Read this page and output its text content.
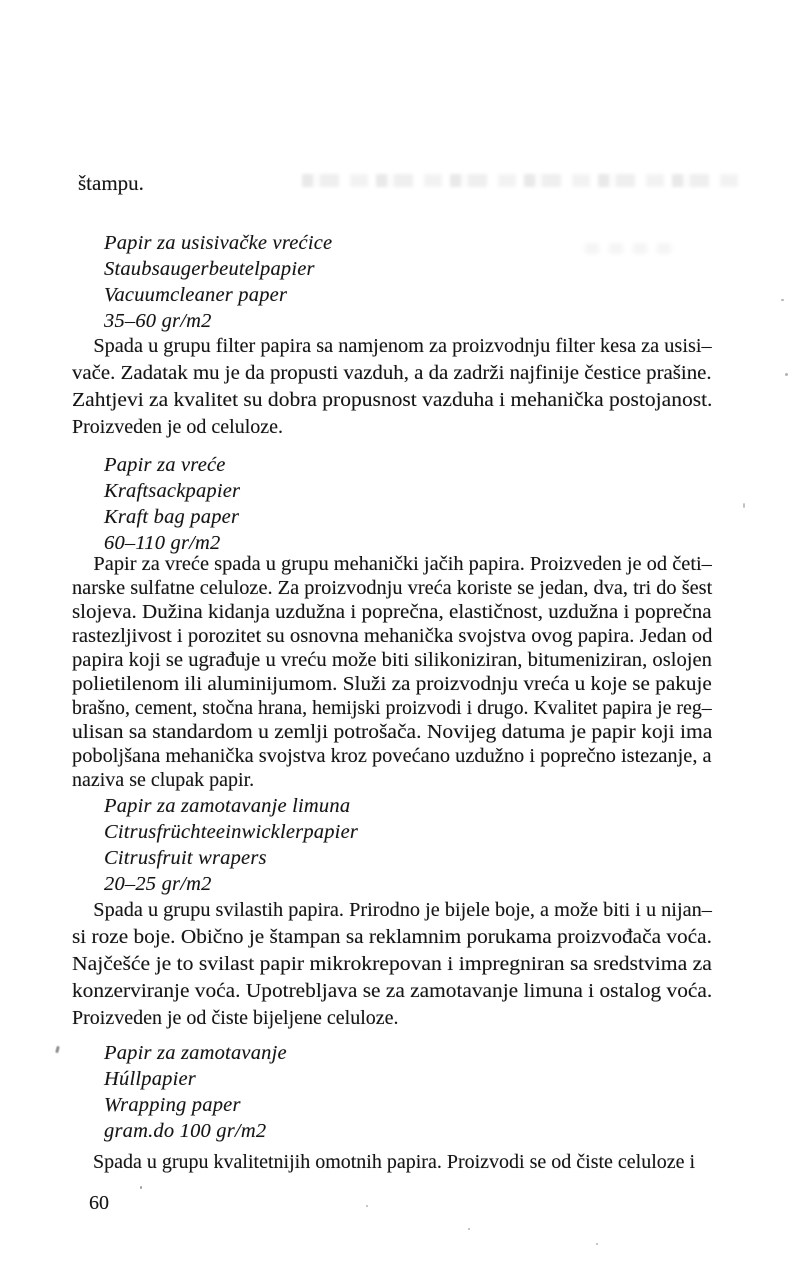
štampu.
Papir za usisivačke vrećice
Staubsaugerbeutelpapier
Vacuumcleaner paper
35–60 gr/m2
Spada u grupu filter papira sa namjenom za proizvodnju filter kesa za usisi–
vače. Zadatak mu je da propusti vazduh, a da zadrži najfinije čestice prašine.
Zahtjevi za kvalitet su dobra propusnost vazduha i mehanička postojanost.
Proizveden je od celuloze.
Papir za vreće
Kraftsackpapier
Kraft bag paper
60–110 gr/m2
Papir za vreće spada u grupu mehanički jačih papira. Proizveden je od četi–
narske sulfatne celuloze. Za proizvodnju vreća koriste se jedan, dva, tri do šest
slojeva. Dužina kidanja uzdužna i poprečna, elastičnost, uzdužna i poprečna
rastezljivost i porozitet su osnovna mehanička svojstva ovog papira. Jedan od
papira koji se ugrađuje u vreću može biti silikoniziran, bitumeniziran, oslojen
polietilenom ili aluminijumom. Služi za proizvodnju vreća u koje se pakuje
brašno, cement, stočna hrana, hemijski proizvodi i drugo. Kvalitet papira je reg–
ulisan sa standardom u zemlji potrošača. Novijeg datuma je papir koji ima
poboljšana mehanička svojstva kroz povećano uzdužno i poprečno istezanje, a
naziva se clupak papir.
Papir za zamotavanje limuna
Citrusfrüchteeinwicklerpapier
Citrusfruit wrapers
20–25 gr/m2
Spada u grupu svilastih papira. Prirodno je bijele boje, a može biti i u nijan–
si roze boje. Obično je štampan sa reklamnim porukama proizvođača voća.
Najčešće je to svilast papir mikrokrepovan i impregniran sa sredstvima za
konzerviranje voća. Upotrebljava se za zamotavanje limuna i ostalog voća.
Proizveden je od čiste bijeljene celuloze.
Papir za zamotavanje
Húllpapier
Wrapping paper
gram.do 100 gr/m2
Spada u grupu kvalitetnijih omotnih papira. Proizvodi se od čiste celuloze i
60
